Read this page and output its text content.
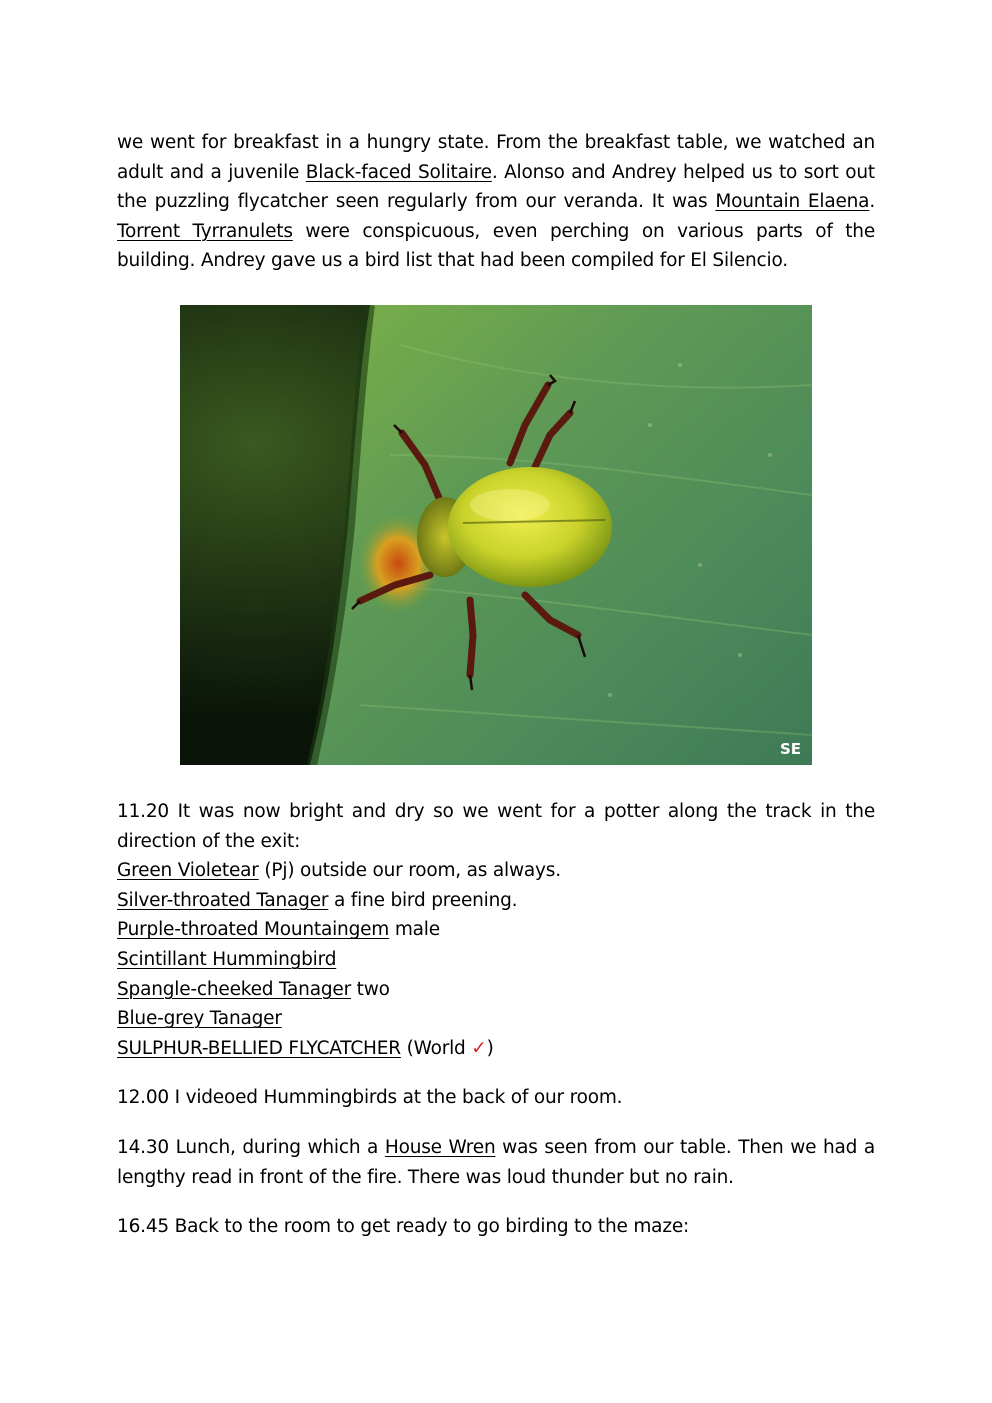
we went for breakfast in a hungry state. From the breakfast table, we watched an adult and a juvenile Black-faced Solitaire. Alonso and Andrey helped us to sort out the puzzling flycatcher seen regularly from our veranda. It was Mountain Elaena. Torrent Tyrranulets were conspicuous, even perching on various parts of the building. Andrey gave us a bird list that had been compiled for El Silencio.

SE
11.20 It was now bright and dry so we went for a potter along the track in the direction of the exit:
Green Violetear (Pj) outside our room, as always.
Silver-throated Tanager a fine bird preening.
Purple-throated Mountaingem male
Scintillant Hummingbird
Spangle-cheeked Tanager two
Blue-grey Tanager
SULPHUR-BELLIED FLYCATCHER (World ✓)
12.00 I videoed Hummingbirds at the back of our room.

14.30 Lunch, during which a House Wren was seen from our table. Then we had a lengthy read in front of the fire. There was loud thunder but no rain.

16.45 Back to the room to get ready to go birding to the maze:
